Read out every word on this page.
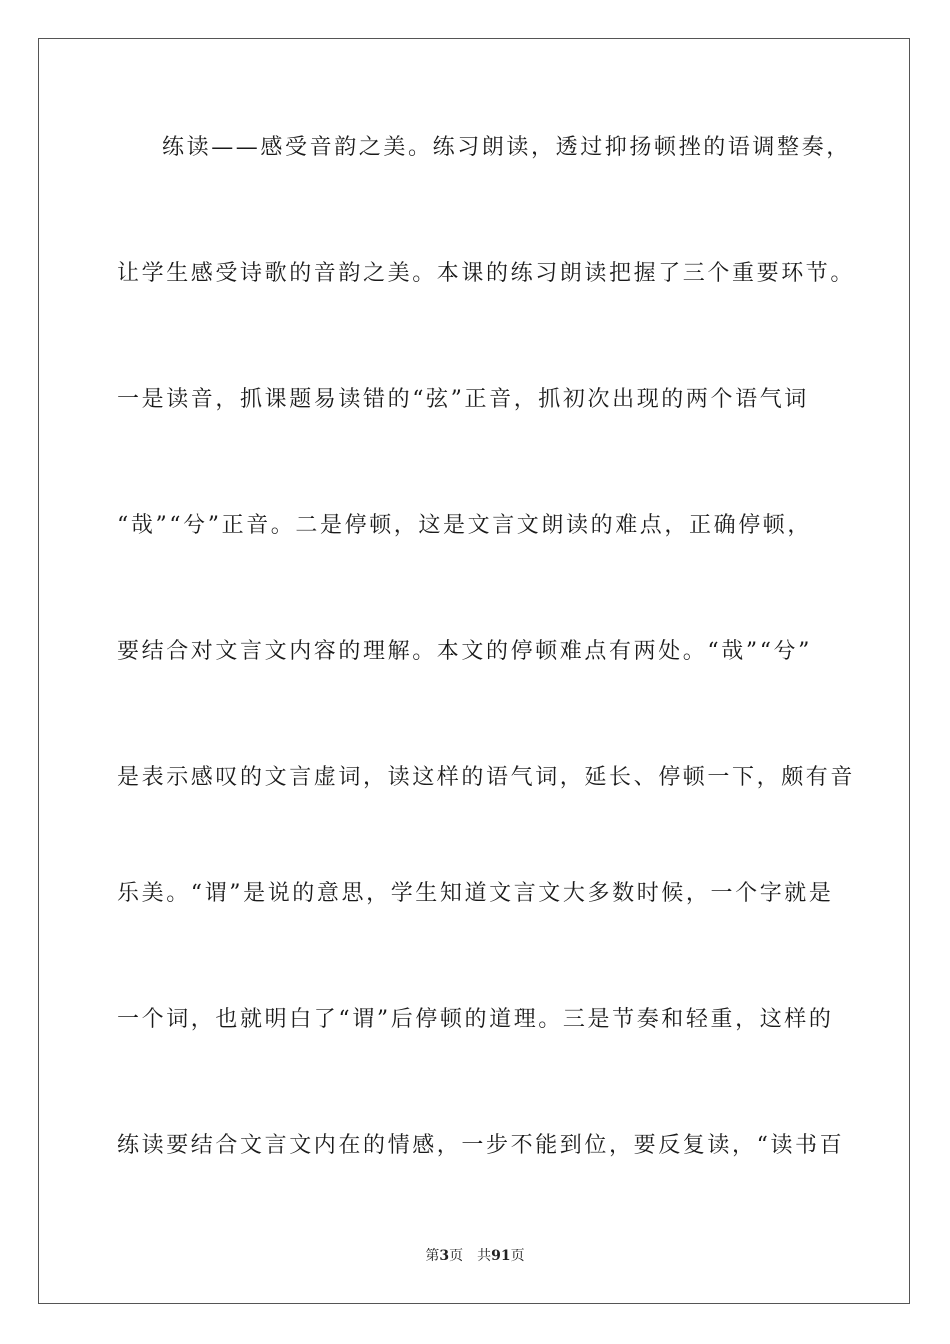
练读——感受音韵之美。练习朗读，透过抑扬顿挫的语调整奏，
让学生感受诗歌的音韵之美。本课的练习朗读把握了三个重要环节。
一是读音，抓课题易读错的“弦”正音，抓初次出现的两个语气词
“哉”“兮”正音。二是停顿，这是文言文朗读的难点，正确停顿，
要结合对文言文内容的理解。本文的停顿难点有两处。“哉”“兮”
是表示感叹的文言虚词，读这样的语气词，延长、停顿一下，颇有音
乐美。“谓”是说的意思，学生知道文言文大多数时候，一个字就是
一个词，也就明白了“谓”后停顿的道理。三是节奏和轻重，这样的
练读要结合文言文内在的情感，一步不能到位，要反复读，“读书百
第3页 共91页
